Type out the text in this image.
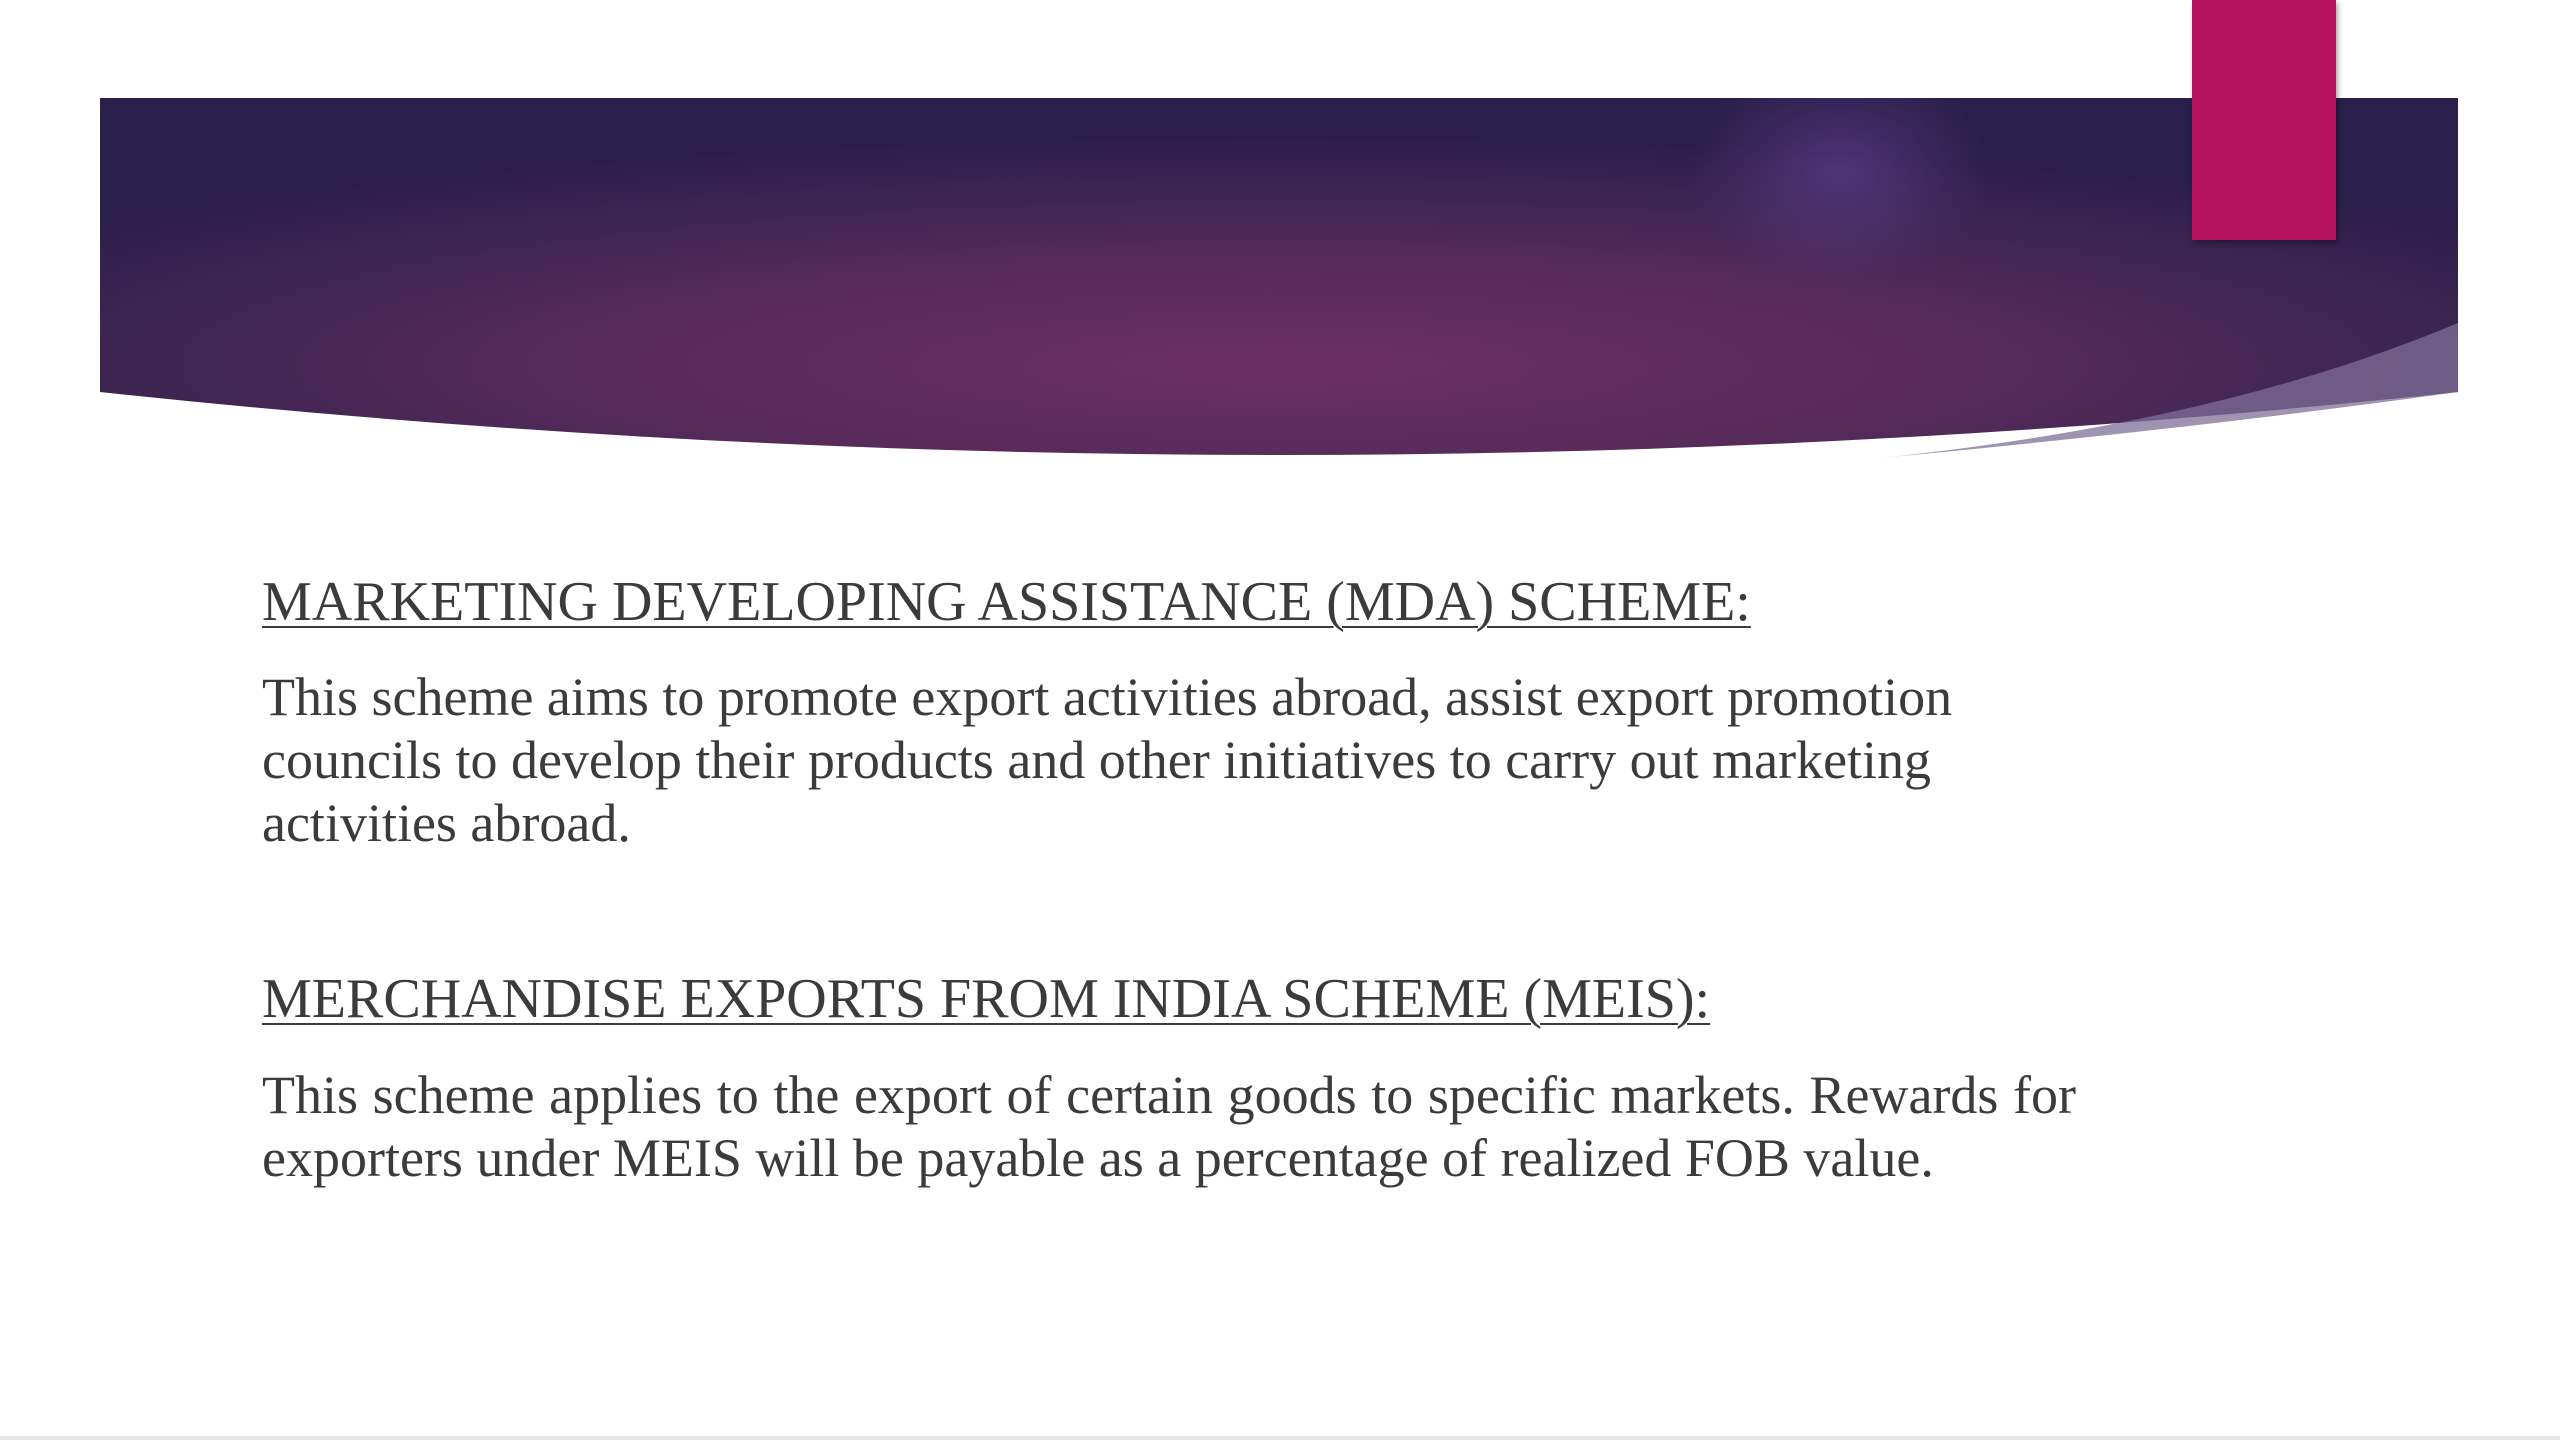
MARKETING DEVELOPING ASSISTANCE (MDA) SCHEME:

This scheme aims to promote export activities abroad, assist export promotion councils to develop their products and other initiatives to carry out marketing activities abroad.

MERCHANDISE EXPORTS FROM INDIA SCHEME (MEIS):

This scheme applies to the export of certain goods to specific markets. Rewards for exporters under MEIS will be payable as a percentage of realized FOB value.
